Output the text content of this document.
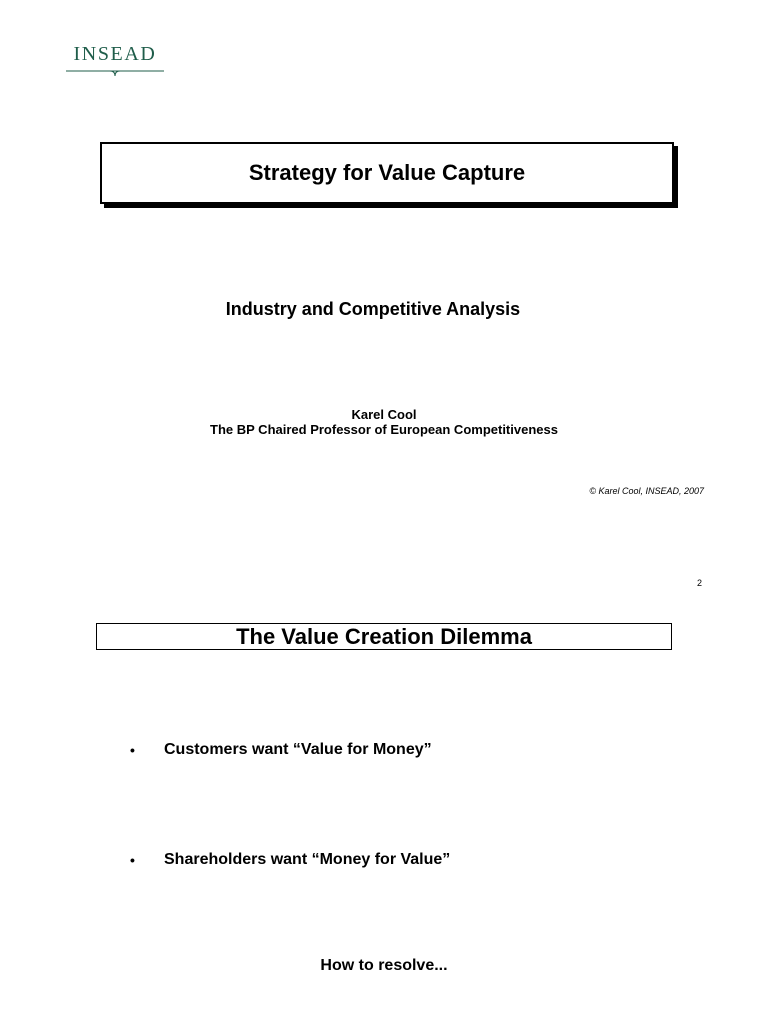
INSEAD
Strategy for Value Capture
Industry and Competitive Analysis
Karel Cool
The BP Chaired Professor of European Competitiveness
© Karel Cool, INSEAD, 2007
2
The Value Creation Dilemma
• Customers want “Value for Money”
• Shareholders want “Money for Value”
How to resolve...
